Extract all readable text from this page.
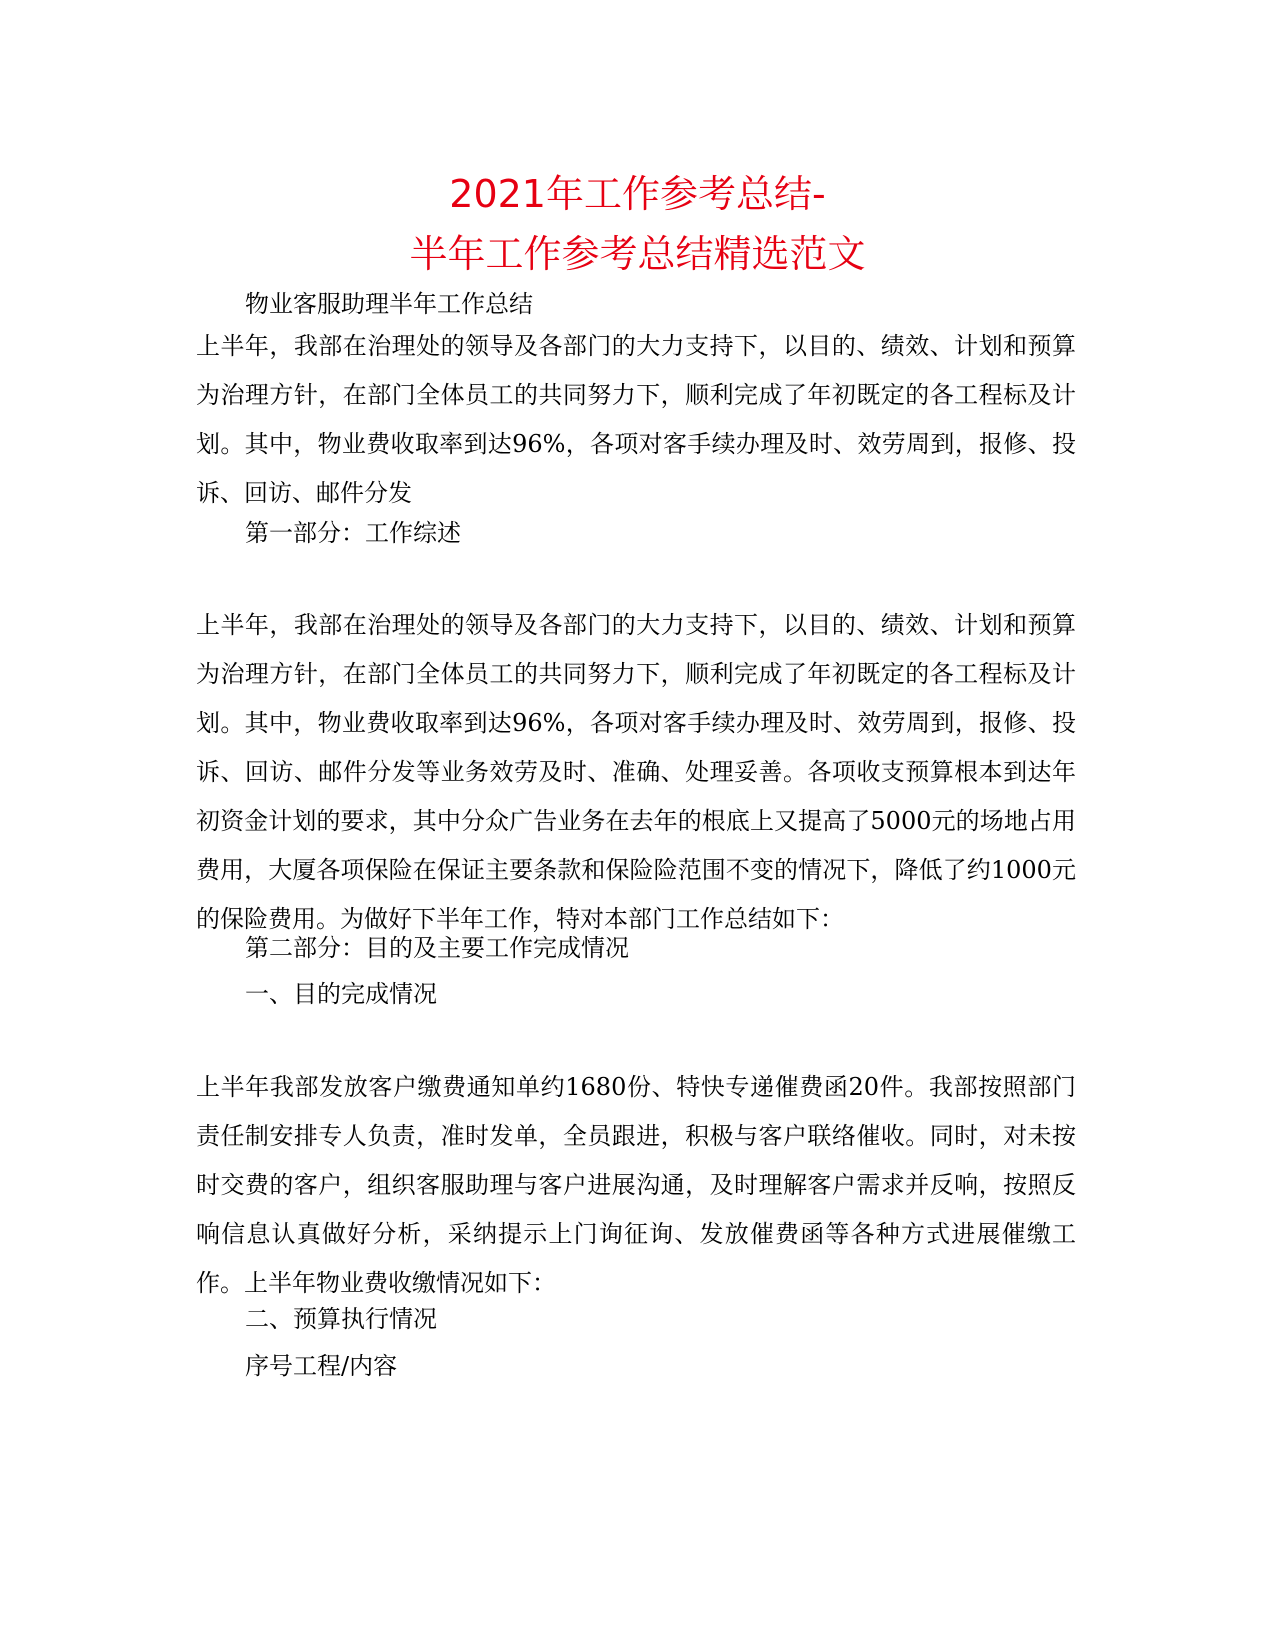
2021年工作参考总结-
半年工作参考总结精选范文
物业客服助理半年工作总结
上半年，我部在治理处的领导及各部门的大力支持下，以目的、绩效、计划和预算为治理方针，在部门全体员工的共同努力下，顺利完成了年初既定的各工程标及计划。其中，物业费收取率到达96%，各项对客手续办理及时、效劳周到，报修、投诉、回访、邮件分发
第一部分：工作综述
上半年，我部在治理处的领导及各部门的大力支持下，以目的、绩效、计划和预算为治理方针，在部门全体员工的共同努力下，顺利完成了年初既定的各工程标及计划。其中，物业费收取率到达96%，各项对客手续办理及时、效劳周到，报修、投诉、回访、邮件分发等业务效劳及时、准确、处理妥善。各项收支预算根本到达年初资金计划的要求，其中分众广告业务在去年的根底上又提高了5000元的场地占用费用，大厦各项保险在保证主要条款和保险险范围不变的情况下，降低了约1000元的保险费用。为做好下半年工作，特对本部门工作总结如下：
第二部分：目的及主要工作完成情况
一、目的完成情况
上半年我部发放客户缴费通知单约1680份、特快专递催费函20件。我部按照部门责任制安排专人负责，准时发单，全员跟进，积极与客户联络催收。同时，对未按时交费的客户，组织客服助理与客户进展沟通，及时理解客户需求并反响，按照反响信息认真做好分析，采纳提示上门询征询、发放催费函等各种方式进展催缴工作。上半年物业费收缴情况如下：
二、预算执行情况
序号工程/内容
